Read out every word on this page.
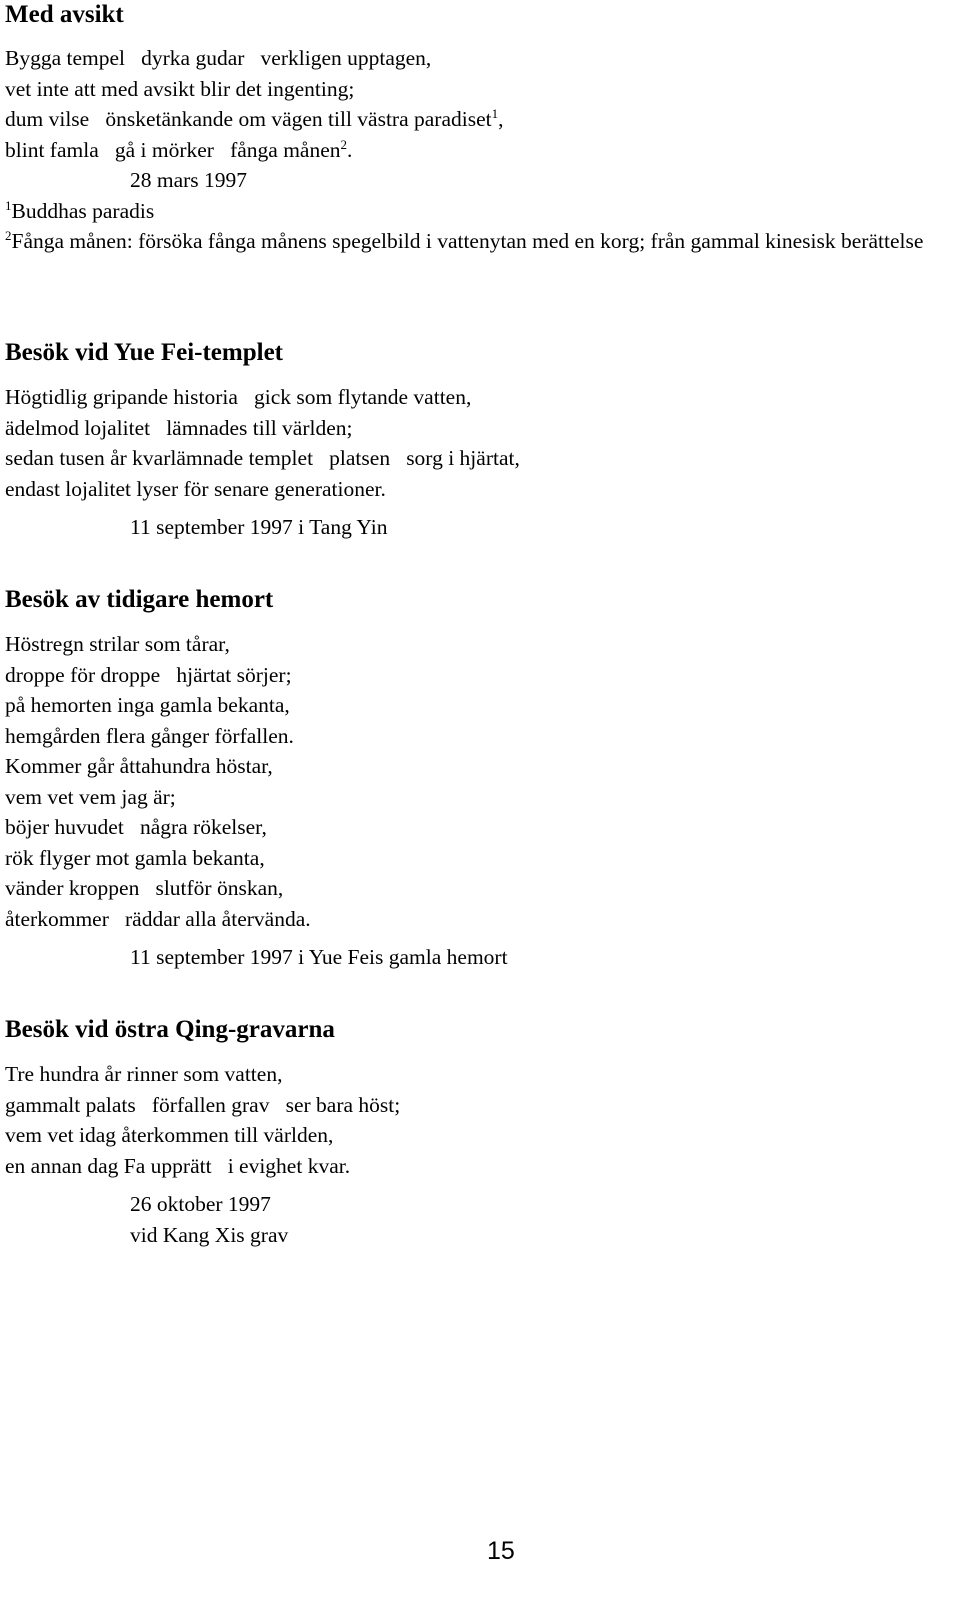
Med avsikt
Bygga tempel   dyrka gudar   verkligen upptagen,
vet inte att med avsikt blir det ingenting;
dum vilse   önsketänkande om vägen till västra paradiset$^1$,
blint famla   gå i mörker   fånga månen$^2$.
28 mars 1997
$^1$Buddhas paradis
$^2$Fånga månen: försöka fånga månens spegelbild i vattenytan med en korg; från gammal kinesisk berättelse
Besök vid Yue Fei-templet
Högtidlig gripande historia   gick som flytande vatten,
ädelmod lojalitet   lämnades till världen;
sedan tusen år kvarlämnade templet   platsen   sorg i hjärtat,
endast lojalitet lyser för senare generationer.
11 september 1997 i Tang Yin
Besök av tidigare hemort
Höstregn strilar som tårar,
droppe för droppe   hjärtat sörjer;
på hemorten inga gamla bekanta,
hemgården flera gånger förfallen.
Kommer går åttahundra höstar,
vem vet vem jag är;
böjer huvudet   några rökelser,
rök flyger mot gamla bekanta,
vänder kroppen   slutför önskan,
återkommer   räddar alla återvända.
11 september 1997 i Yue Feis gamla hemort
Besök vid östra Qing-gravarna
Tre hundra år rinner som vatten,
gammalt palats   förfallen grav   ser bara höst;
vem vet idag återkommen till världen,
en annan dag Fa upprätt   i evighet kvar.
26 oktober 1997
vid Kang Xis grav
15
